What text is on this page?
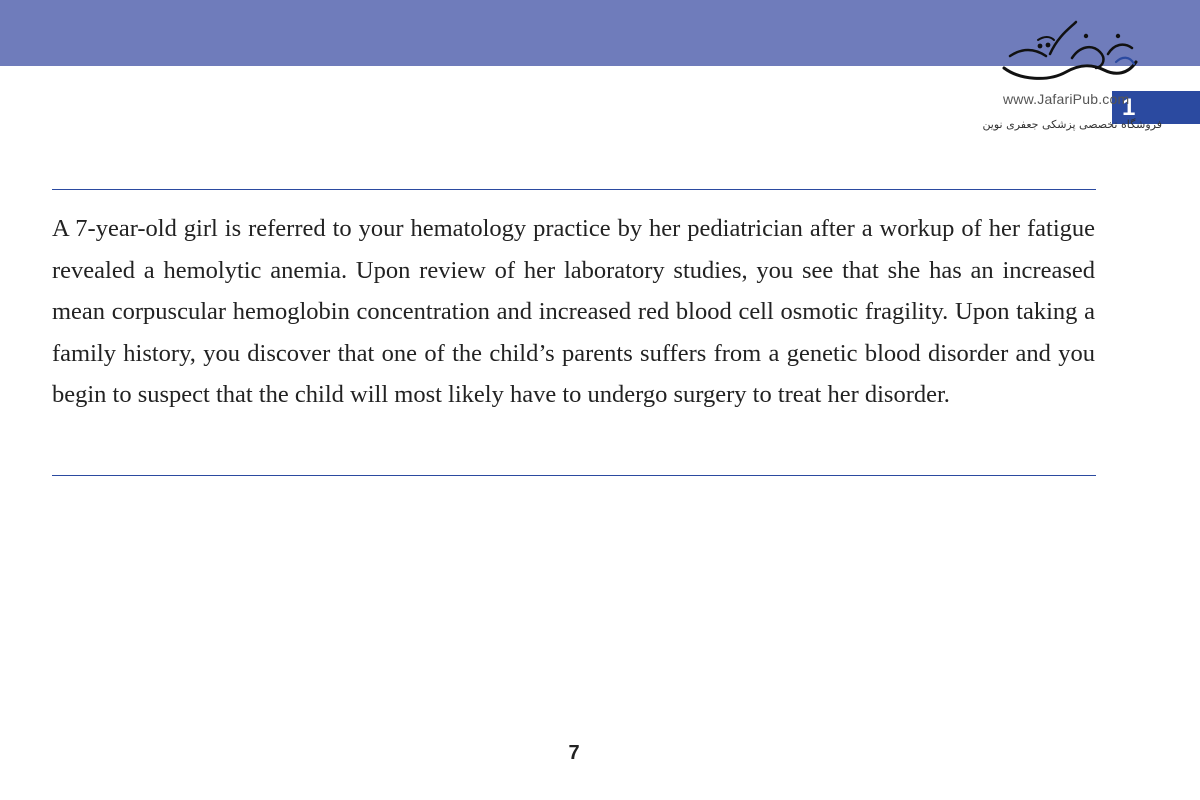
1
www.JafariPub.com
فروشگاه تخصصی پزشکی جعفری نوین

A 7-year-old girl is referred to your hematology practice by her pediatrician after a workup of her fatigue revealed a hemolytic anemia. Upon review of her laboratory studies, you see that she has an increased mean corpuscular hemoglobin concentration and increased red blood cell osmotic fragility. Upon taking a family history, you discover that one of the child’s parents suffers from a genetic blood disorder and you begin to suspect that the child will most likely have to undergo surgery to treat her disorder.

7
